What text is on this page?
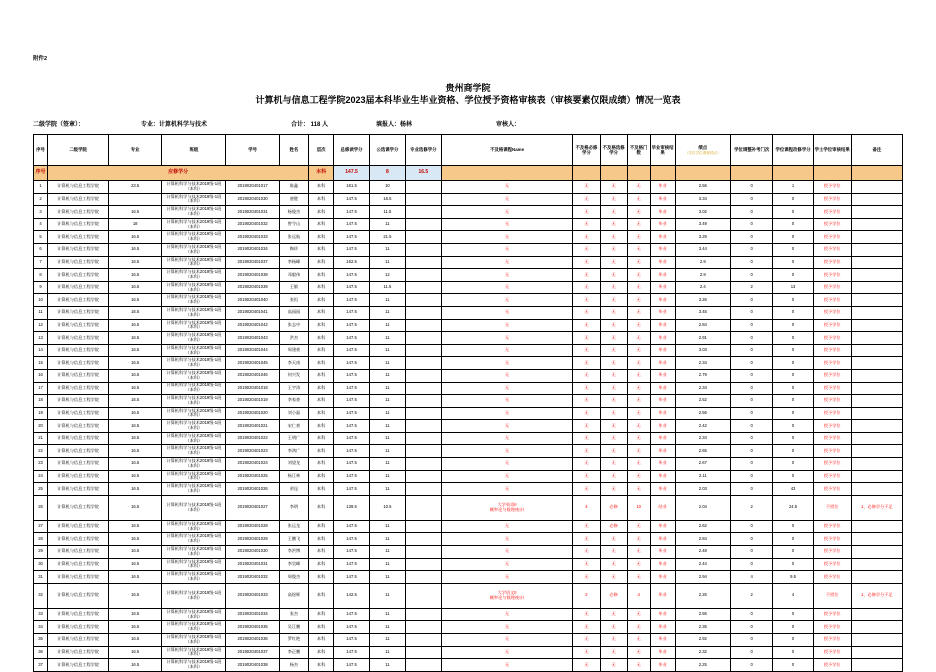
附件2
贵州商学院
计算机与信息工程学院2023届本科毕业生毕业资格、学位授予资格审核表（审核要素仅限成绩）情况一览表
二级学院（签章）：	专业：计算机科学与技术	合计： 118 人	填报人：杨林	审核人：
序号	二级学院	专业	班级	学号	姓名	层次	总修读学分	公选课学分	专业选修学分	不及格课程Name	不及格必修学分	不及格选修学分	不及格门数	毕业审核结果	绩点
（学位学位课程绩点）	学位调整补考门次	学位课程改修学分	学士学位审核结果	备注
序号	应修学分					本科	147.5	8	16.5										
1	计算机与信息工程学院	23.5	计算机科学与技术2019级-1班（本科）	2019020401017	陈鑫	本科	161.5	10		无	无	无	无	毕业	2.56	0	1	授予学位	
2	计算机与信息工程学院		计算机科学与技术2019级-1班（本科）	2019020401030	唐懿	本科	147.5	16.5		无	无	无	无	毕业	3.34	0	0	授予学位	
3	计算机与信息工程学院	16.5	计算机科学与技术2019级-1班（本科）	2019020401031	杨俊杰	本科	147.5	11.5		无	无	无	无	毕业	3.02	0	0	授予学位	
4	计算机与信息工程学院	18	计算机科学与技术2019级-1班（本科）	2019020401032	曾令山	本科	147.5	11		无	无	无	无	毕业	3.49	0	0	授予学位	
5	计算机与信息工程学院	16.5	计算机科学与技术2019级-1班（本科）	2019020401033	张远航	本科	147.5	21.5		无	无	无	无	毕业	3.29	0	0	授予学位	
6	计算机与信息工程学院	16.5	计算机科学与技术2019级-1班（本科）	2019020401034	陶珍	本科	147.5	11		无	无	无	无	毕业	3.44	0	0	授予学位	
7	计算机与信息工程学院	16.5	计算机科学与技术2019级-1班（本科）	2019020401037	李杨峰	本科	152.5	11		无	无	无	无	毕业	2.9	0	0	授予学位	
8	计算机与信息工程学院	16.5	计算机科学与技术2019级-1班（本科）	2019020401038	邓毅伟	本科	147.5	12		无	无	无	无	毕业	2.9	0	0	授予学位	
9	计算机与信息工程学院	16.5	计算机科学与技术2019级-1班（本科）	2019020401039	王敏	本科	147.5	11.5		无	无	无	无	毕业	2.4	2	13	授予学位	
10	计算机与信息工程学院	16.5	计算机科学与技术2019级-1班（本科）	2019020401040	张恒	本科	147.5	11		无	无	无	无	毕业	3.26	0	0	授予学位	
11	计算机与信息工程学院	16.5	计算机科学与技术2019级-1班（本科）	2019020401041	高园园	本科	147.5	11		无	无	无	无	毕业	3.45	0	0	授予学位	
12	计算机与信息工程学院	16.5	计算机科学与技术2019级-1班（本科）	2019020401042	张志中	本科	147.5	11		无	无	无	无	毕业	2.84	0	0	授予学位	
13	计算机与信息工程学院	16.5	计算机科学与技术2019级-1班（本科）	2019020401043	洪杰	本科	147.5	11		无	无	无	无	毕业	2.91	0	0	授予学位	
14	计算机与信息工程学院	16.5	计算机科学与技术2019级-1班（本科）	2019020401044	周建豪	本科	147.5	11		无	无	无	无	毕业	3.03	0	0	授予学位	
15	计算机与信息工程学院	16.5	计算机科学与技术2019级-1班（本科）	2019020401045	李天南	本科	147.5	11		无	无	无	无	毕业	2.34	0	0	授予学位	
16	计算机与信息工程学院	16.5	计算机科学与技术2019级-1班（本科）	2019020401046	何兴发	本科	147.5	11		无	无	无	无	毕业	2.79	0	0	授予学位	
17	计算机与信息工程学院	16.5	计算机科学与技术2019级-1班（本科）	2019020401018	王宇涛	本科	147.5	11		无	无	无	无	毕业	2.34	0	0	授予学位	
18	计算机与信息工程学院	16.5	计算机科学与技术2019级-1班（本科）	2019020401019	李家豪	本科	147.5	11		无	无	无	无	毕业	2.52	0	0	授予学位	
19	计算机与信息工程学院	16.5	计算机科学与技术2019级-1班（本科）	2019020401020	刘小磊	本科	147.5	11		无	无	无	无	毕业	2.56	0	0	授予学位	
20	计算机与信息工程学院	16.5	计算机科学与技术2019级-1班（本科）	2019020401021	宋仁豪	本科	147.5	11		无	无	无	无	毕业	2.42	0	0	授予学位	
21	计算机与信息工程学院	16.5	计算机科学与技术2019级-1班（本科）	2019020401022	王明广	本科	147.5	11		无	无	无	无	毕业	2.34	0	0	授予学位	
22	计算机与信息工程学院	16.5	计算机科学与技术2019级-1班（本科）	2019020401023	李鸿广	本科	147.5	11		无	无	无	无	毕业	2.65	0	0	授予学位	
23	计算机与信息工程学院	16.5	计算机科学与技术2019级-1班（本科）	2019020401024	刘望龙	本科	147.5	11		无	无	无	无	毕业	2.67	0	0	授予学位	
24	计算机与信息工程学院	16.5	计算机科学与技术2019级-1班（本科）	2019020401025	杨江林	本科	147.5	11		无	无	无	无	毕业	2.11	0	0	授予学位	
25	计算机与信息工程学院	16.5	计算机科学与技术2019级-1班（本科）	2019020401026	余昆	本科	147.5	11		无	无	无	无	毕业	2.03	0	43	授予学位	
26	计算机与信息工程学院	16.5	计算机科学与技术2019级-1班（本科）	2019020401027	李明	本科	139.5	10.5		大学英语II
概率论与数理统计I	4	必修	10	结业	2.04	2	24.5	不授位	1、必修学分不足
27	计算机与信息工程学院	16.5	计算机科学与技术2019级-1班（本科）	2019020401028	张运龙	本科	147.5	11		无	无	必修	无	毕业	2.62	0	0	授予学位	
28	计算机与信息工程学院	16.5	计算机科学与技术2019级-1班（本科）	2019020401029	王鹏飞	本科	147.5	11		无	无	无	无	毕业	2.84	0	0	授予学位	
29	计算机与信息工程学院	16.5	计算机科学与技术2019级-1班（本科）	2019020401030	李洪博	本科	147.5	11		无	无	无	无	毕业	2.48	0	0	授予学位	
30	计算机与信息工程学院	16.5	计算机科学与技术2019级-1班（本科）	2019020401031	李昊峰	本科	147.5	11		无	无	无	无	毕业	2.44	0	0	授予学位	
31	计算机与信息工程学院	16.5	计算机科学与技术2019级-1班（本科）	2019020401032	周俊杰	本科	147.5	11		无	无	无	无	毕业	2.94	4	9.5	授予学位	
32	计算机与信息工程学院	16.5	计算机科学与技术2019级-1班（本科）	2019020401033	高煜辉	本科	142.5	11		大学语文II
概率论与数理统计I	2	必修	4	毕业	2.26	2	4	不授位	1、必修学分不足
33	计算机与信息工程学院	16.5	计算机科学与技术2019级-1班（本科）	2019020401034	张杰	本科	147.5	11		无	无	无	无	毕业	2.56	0	0	授予学位	
34	计算机与信息工程学院	16.5	计算机科学与技术2019级-1班（本科）	2019020401035	吴江鹏	本科	147.5	11		无	无	无	无	毕业	2.35	0	0	授予学位	
35	计算机与信息工程学院	16.5	计算机科学与技术2019级-1班（本科）	2019020401036	罗红艳	本科	147.5	11		无	无	无	无	毕业	2.92	0	0	授予学位	
36	计算机与信息工程学院	16.5	计算机科学与技术2019级-1班（本科）	2019020401037	李正鹏	本科	147.5	11		无	无	无	无	毕业	2.32	0	0	授予学位	
37	计算机与信息工程学院	16.5	计算机科学与技术2019级-1班（本科）	2019020401038	杨杰	本科	147.5	11		无	无	无	无	毕业	2.25	0	0	授予学位	
